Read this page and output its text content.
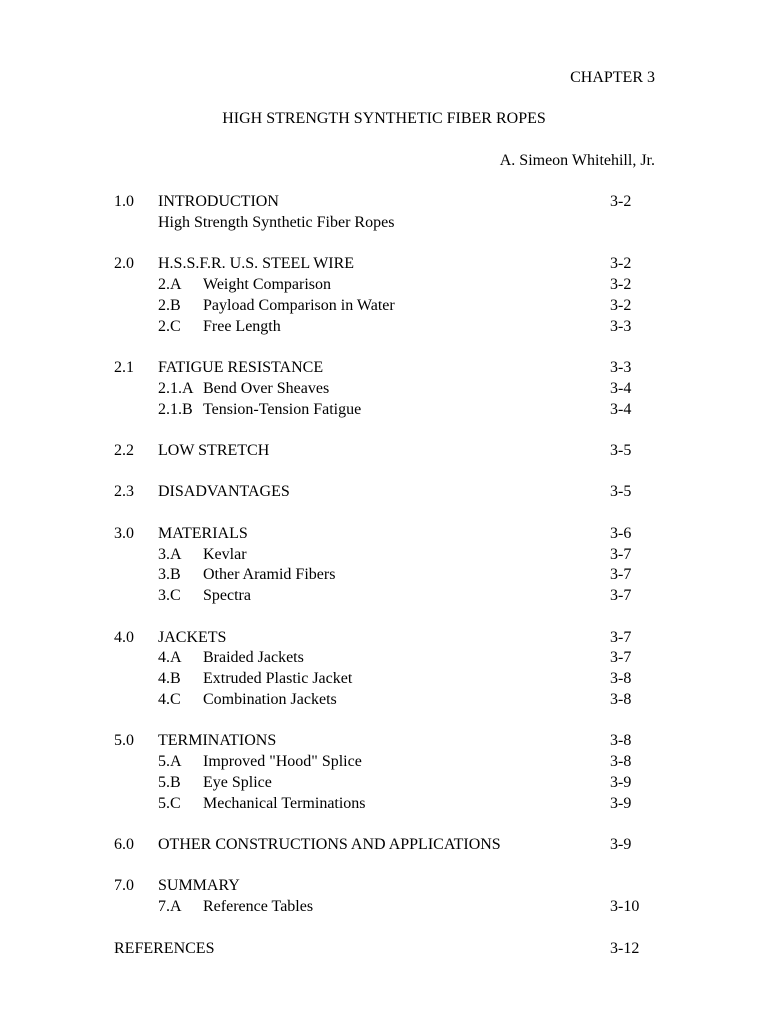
CHAPTER 3
HIGH STRENGTH SYNTHETIC FIBER ROPES
A. Simeon Whitehill, Jr.
1.0 INTRODUCTION	3-2
High Strength Synthetic Fiber Ropes
2.0 H.S.S.F.R. U.S. STEEL WIRE	3-2
2.A Weight Comparison	3-2
2.B Payload Comparison in Water	3-2
2.C Free Length	3-3
2.1 FATIGUE RESISTANCE	3-3
2.1.A Bend Over Sheaves	3-4
2.1.B Tension-Tension Fatigue	3-4
2.2 LOW STRETCH	3-5
2.3 DISADVANTAGES	3-5
3.0 MATERIALS	3-6
3.A Kevlar	3-7
3.B Other Aramid Fibers	3-7
3.C Spectra	3-7
4.0 JACKETS	3-7
4.A Braided Jackets	3-7
4.B Extruded Plastic Jacket	3-8
4.C Combination Jackets	3-8
5.0 TERMINATIONS	3-8
5.A Improved "Hood" Splice	3-8
5.B Eye Splice	3-9
5.C Mechanical Terminations	3-9
6.0 OTHER CONSTRUCTIONS AND APPLICATIONS	3-9
7.0 SUMMARY
7.A Reference Tables	3-10
REFERENCES	3-12
